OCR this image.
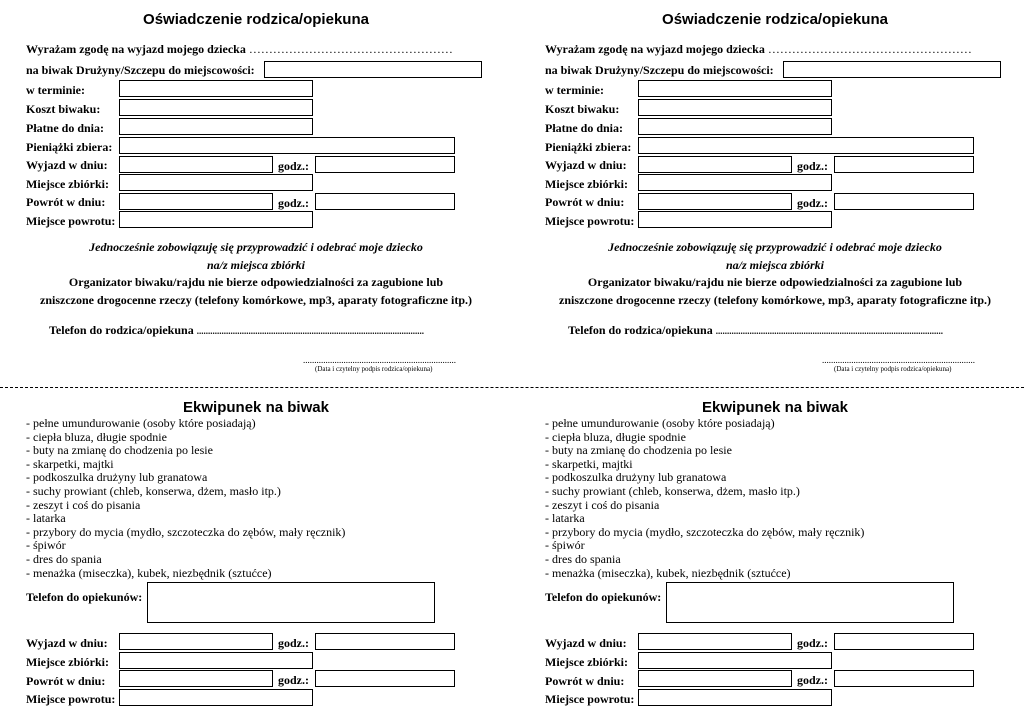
Oświadczenie rodzica/opiekuna
Wyrażam zgodę na wyjazd mojego dziecka ……………………………………………
na biwak Drużyny/Szczepu do miejscowości:
w terminie:
Koszt biwaku:
Płatne do dnia:
Pieniążki zbiera:
Wyjazd w dniu:	godz.:
Miejsce zbiórki:
Powrót w dniu:	godz.:
Miejsce powrotu:
Jednocześnie zobowiązuję się przyprowadzić i odebrać moje dziecko
na/z miejsca zbiórki
Organizator biwaku/rajdu nie bierze odpowiedzialności za zagubione lub
zniszczone drogocenne rzeczy (telefony komórkowe, mp3, aparaty fotograficzne itp.)
Telefon do rodzica/opiekuna .....................................................................................................
....................................................................
(Data i czytelny podpis rodzica/opiekuna)
Ekwipunek na biwak
- pełne umundurowanie (osoby które posiadają)
- ciepła bluza, długie spodnie
- buty na zmianę do chodzenia po lesie
- skarpetki, majtki
- podkoszulka drużyny lub granatowa
- suchy prowiant (chleb, konserwa, dżem, masło itp.)
- zeszyt i coś do pisania
- latarka
- przybory do mycia (mydło, szczoteczka do zębów, mały ręcznik)
- śpiwór
- dres do spania
- menażka (miseczka), kubek, niezbędnik (sztućce)
Telefon do opiekunów:
Wyjazd w dniu:	godz.:
Miejsce zbiórki:
Powrót w dniu:	godz.:
Miejsce powrotu:
Oświadczenie rodzica/opiekuna
Wyrażam zgodę na wyjazd mojego dziecka ……………………………………………
na biwak Drużyny/Szczepu do miejscowości:
w terminie:
Koszt biwaku:
Płatne do dnia:
Pieniążki zbiera:
Wyjazd w dniu:	godz.:
Miejsce zbiórki:
Powrót w dniu:	godz.:
Miejsce powrotu:
Jednocześnie zobowiązuję się przyprowadzić i odebrać moje dziecko
na/z miejsca zbiórki
Organizator biwaku/rajdu nie bierze odpowiedzialności za zagubione lub
zniszczone drogocenne rzeczy (telefony komórkowe, mp3, aparaty fotograficzne itp.)
Telefon do rodzica/opiekuna .....................................................................................................
....................................................................
(Data i czytelny podpis rodzica/opiekuna)
Ekwipunek na biwak
- pełne umundurowanie (osoby które posiadają)
- ciepła bluza, długie spodnie
- buty na zmianę do chodzenia po lesie
- skarpetki, majtki
- podkoszulka drużyny lub granatowa
- suchy prowiant (chleb, konserwa, dżem, masło itp.)
- zeszyt i coś do pisania
- latarka
- przybory do mycia (mydło, szczoteczka do zębów, mały ręcznik)
- śpiwór
- dres do spania
- menażka (miseczka), kubek, niezbędnik (sztućce)
Telefon do opiekunów:
Wyjazd w dniu:	godz.:
Miejsce zbiórki:
Powrót w dniu:	godz.:
Miejsce powrotu:
